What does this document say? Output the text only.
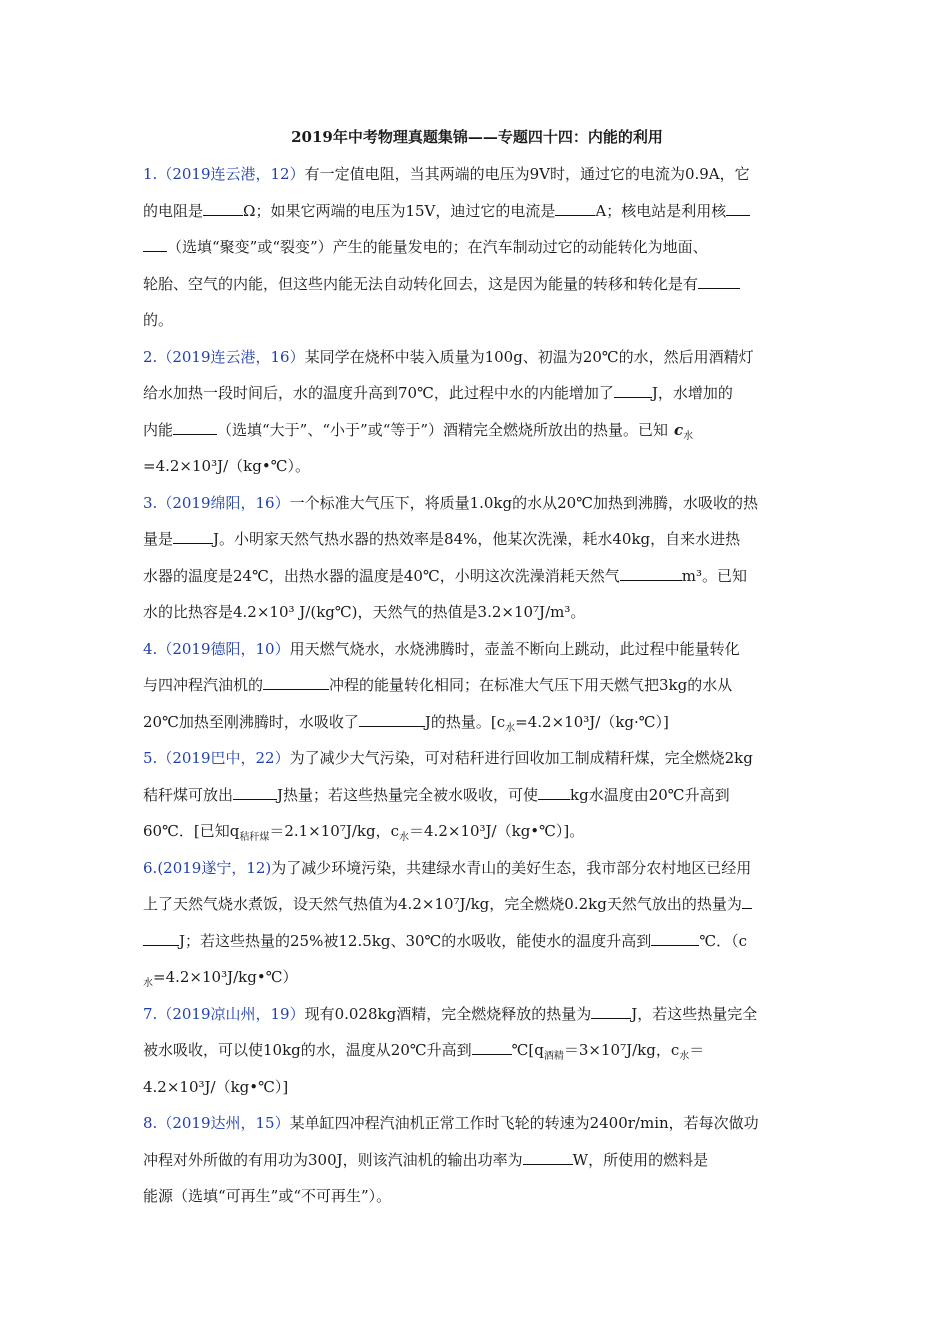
2019年中考物理真题集锦——专题四十四：内能的利用
1.（2019连云港，12）有一定值电阻，当其两端的电压为9V时，通过它的电流为0.9A，它
的电阻是	Ω；如果它两端的电压为15V，迪过它的电流是	A；核电站是利用核
（选填“聚变”或“裂变”）产生的能量发电的；在汽车制动过它的动能转化为地面、
轮胎、空气的内能，但这些内能无法自动转化回去，这是因为能量的转移和转化是有
的。
2.（2019连云港，16）某同学在烧杯中装入质量为100g、初温为20℃的水，然后用酒精灯
给水加热一段时间后，水的温度升高到70℃，此过程中水的内能增加了	J，水增加的
内能	（选填“大于”、“小于”或“等于”）酒精完全燃烧所放出的热量。已知 $c_水$
=4.2×10³J/（kg•℃）。
3.（2019绵阳，16）一个标准大气压下，将质量1.0kg的水从20℃加热到沸腾，水吸收的热
量是	J。小明家天然气热水器的热效率是84%，他某次洗澡，耗水40kg，自来水进热
水器的温度是24℃，出热水器的温度是40℃，小明这次洗澡消耗天然气	m³。已知
水的比热容是4.2×10³ J/(kg℃)，天然气的热值是3.2×10⁷J/m³。
4.（2019德阳，10）用天燃气烧水，水烧沸腾时，壶盖不断向上跳动，此过程中能量转化
与四冲程汽油机的	冲程的能量转化相同；在标准大气压下用天燃气把3kg的水从
20℃加热至刚沸腾时，水吸收了	J的热量。$[c_水=4.2\times 10^3J/(kg\cdot℃)]$
5.（2019巴中，22）为了减少大气污染，可对秸秆进行回收加工制成精秆煤，完全燃烧2kg
秸秆煤可放出	J热量；若这些热量完全被水吸收，可使 kg水温度由20℃升高到
60℃．[已知$q_{秸秆煤}=2.1\times 10^7J/kg$，$c_水=4.2\times 10^3J/(kg•℃)$]。
6.(2019遂宁，12)为了减少环境污染，共建绿水青山的美好生态，我市部分农村地区已经用
上了天然气烧水煮饭，设天然气热值为4.2×10⁷J/kg，完全燃烧0.2kg天然气放出的热量为
J；若这些热量的25%被12.5kg、30℃的水吸收，能使水的温度升高到	℃．（c
$_水$=4.2×10³J/kg•℃）
7.（2019凉山州，19）现有0.028kg酒精，完全燃烧释放的热量为	J，若这些热量完全
被水吸收，可以使10kg的水，温度从20℃升高到	$℃[q_{酒精}=3\times 10^7J/kg$，$c_水=$
4.2×10³J/（kg•℃）]
8.（2019达州，15）某单缸四冲程汽油机正常工作时飞轮的转速为2400r/min，若每次做功
冲程对外所做的有用功为300J，则该汽油机的输出功率为	W，所使用的燃料是
能源（选填“可再生”或“不可再生”）。
